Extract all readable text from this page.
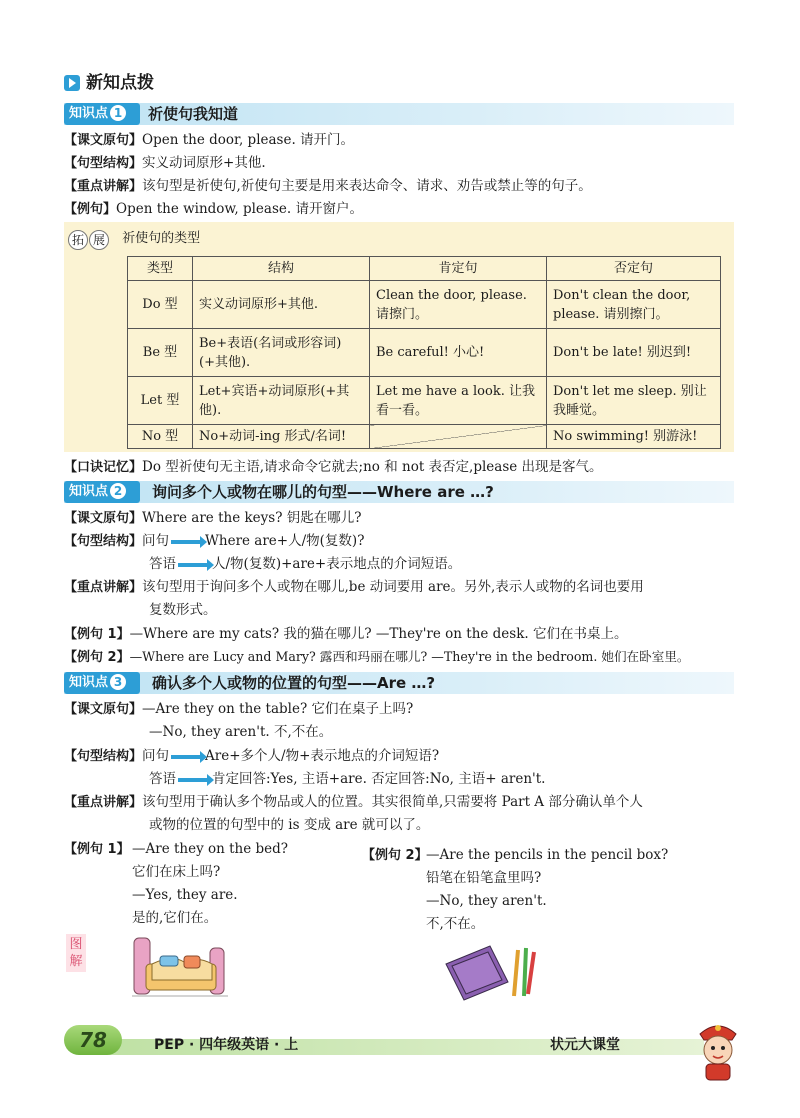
新知点拨
知识点 1	祈使句我知道
【课文原句】Open the door, please. 请开门。
【句型结构】实义动词原形+其他.
【重点讲解】该句型是祈使句,祈使句主要是用来表达命令、请求、劝告或禁止等的句子。
【例句】Open the window, please. 请开窗户。
拓 展 $^{祈使句的类型}$
类型	结构	肯定句	否定句
Do 型	实义动词原形+其他.	Clean the door, please. 请擦门。	Don't clean the door, please. 请别擦门。
Be 型	Be+表语(名词或形容词)(+其他).	Be careful! 小心!	Don't be late! 别迟到!
Let 型	Let+宾语+动词原形(+其他).	Let me have a look. 让我看一看。	Don't let me sleep. 别让我睡觉。
No 型	No+动词-ing 形式/名词!		No swimming! 别游泳!
【口诀记忆】Do 型祈使句无主语,请求命令它就去;no 和 not 表否定,please 出现是客气。
知识点 2	询问多个人或物在哪儿的句型——Where are …?
【课文原句】Where are the keys? 钥匙在哪儿?
【句型结构】问句	Where are+人/物(复数)?
答语	人/物(复数)+are+表示地点的介词短语。
【重点讲解】该句型用于询问多个人或物在哪儿,be 动词要用 are。另外,表示人或物的名词也要用
复数形式。
【例句 1】—Where are my cats? 我的猫在哪儿? —They're on the desk. 它们在书桌上。
【例句 2】—Where are Lucy and Mary? 露西和玛丽在哪儿? —They're in the bedroom. 她们在卧室里。
知识点 3	确认多个人或物的位置的句型——Are …?
【课文原句】—Are they on the table? 它们在桌子上吗?
—No, they aren't. 不,不在。
【句型结构】问句	Are+多个人/物+表示地点的介词短语?
答语	肯定回答:Yes, 主语+are. 否定回答:No, 主语+ aren't.
【重点讲解】该句型用于确认多个物品或人的位置。其实很简单,只需要将 Part A 部分确认单个人
或物的位置的句型中的 is 变成 are 就可以了。
【例句 1】 —Are they on the bed?
它们在床上吗?
—Yes, they are.
是的,它们在。
【例句 2】
—Are the pencils in the pencil box?
铅笔在铅笔盒里吗?
—No, they aren't.
不,不在。
图
解
78	PEP · 四年级英语 · 上	状元大课堂
